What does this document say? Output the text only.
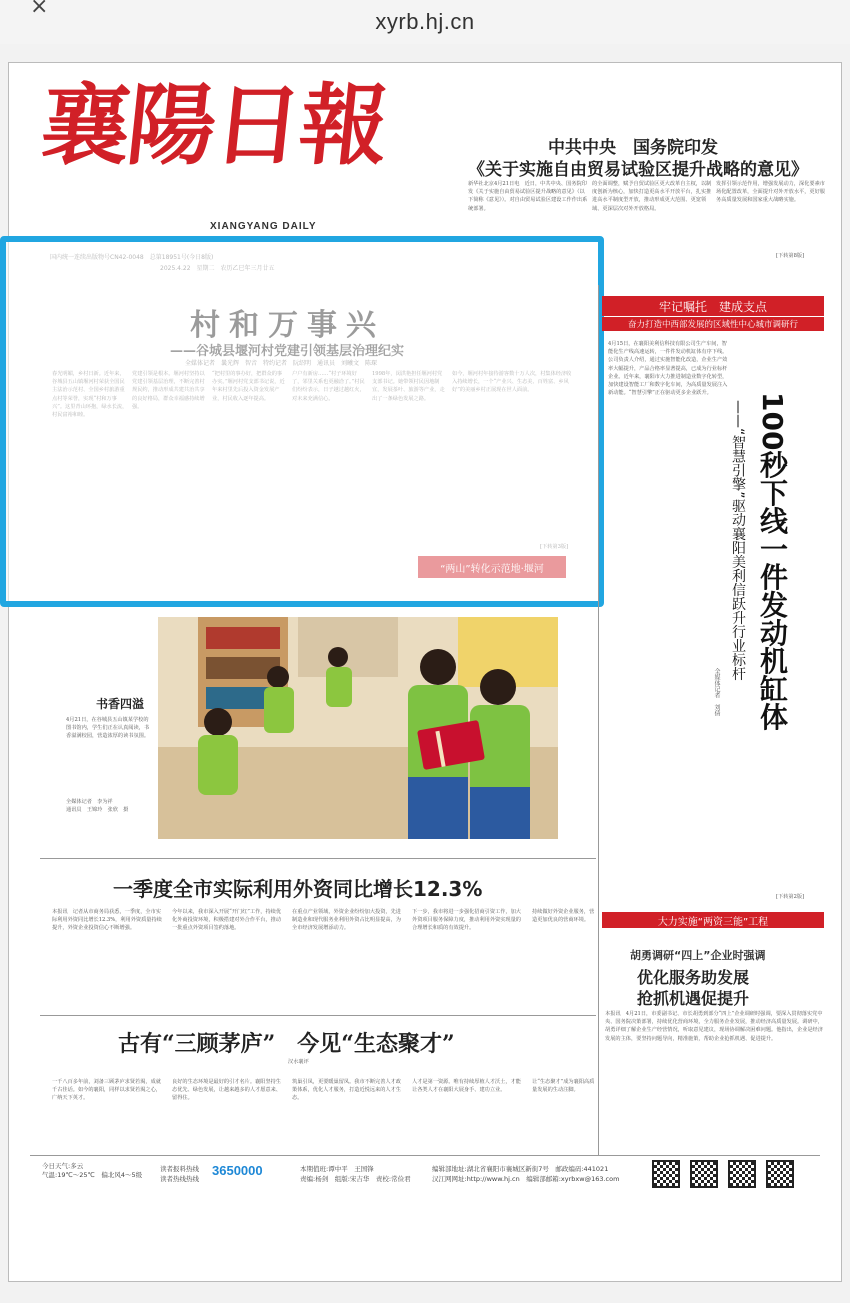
×
xyrb.hj.cn
襄陽日報
XIANGYANG DAILY
中共中央　国务院印发
《关于实施自由贸易试验区提升战略的意见》
新华社北京4月21日电　近日，中共中央、国务院印发《关于实施自由贸易试验区提升战略的意见》（以下简称《意见》）。对自由贸易试验区建设工作作出系统部署。
的全面调整，赋予自贸试验区更大改革自主权，以制度创新为核心，加快打造更高水平开放平台，扎实推进高水平制度型开放，推动形成更大范围、更宽领域、更深层次对外开放格局。
发挥引领示范作用，增强发展动力，深化要素市场化配置改革，全面提升对外开放水平，更好服务高质量发展和国家重大战略实施。
[下转第8版]
牢记嘱托　建成支点
奋力打造中西部发展的区域性中心城市调研行
4月15日，在襄阳美利信科技有限公司生产车间，智能化生产线高速运转，一件件发动机缸体有序下线。公司负责人介绍，通过实施智能化改造，企业生产效率大幅提升，产品合格率显著提高，已成为行业标杆企业。近年来，襄阳市大力推进制造业数字化转型，加快建设智能工厂和数字化车间，为高质量发展注入新动能。“智慧引擎”正在驱动更多企业跃升。	100秒下线一件发动机缸体
——“智慧引擎”驱动襄阳美利信跃升行业标杆
全媒体记者　刘倩
[下转第2版]
大力实施“两资三能”工程
胡勇调研“四上”企业时强调
优化服务助发展
抢抓机遇促提升
本报讯　4月21日，市委副书记、市长胡勇到部分“四上”企业调研时强调，要深入贯彻落实党中央、国务院决策部署，持续优化营商环境，全力服务企业发展，推动经济高质量发展。调研中，胡勇详细了解企业生产经营情况，听取意见建议，现场协调解决困难问题。他指出，企业是经济发展的主体，要坚持问题导向，精准施策，帮助企业抢抓机遇、促进提升。
书香四溢
4月21日，在谷城县五山镇某学校的图书馆内，学生们正在认真阅读，书香溢满校园，营造浓厚的读书氛围。
全媒体记者　李为祥
通讯员　王锦玲　张欣　摄
一季度全市实际利用外资同比增长12.3%
本报讯　记者从市商务局获悉，一季度，全市实际利用外资同比增长12.3%，利用外资质量持续提升，外资企业投资信心不断增强。
今年以来，我市深入开展“开门红”工作，持续优化外商投资环境，积极搭建对外合作平台，推动一批重点外资项目签约落地。
在重点产业领域，外资企业纷纷加大投资，先进制造业和现代服务业利用外资占比明显提高，为全市经济发展增添动力。
下一步，我市将进一步强化招商引资工作，加大外资项目服务保障力度，推动利用外资实现量的合理增长和质的有效提升。
持续做好外资企业服务，营造更加优良的营商环境。
古有“三顾茅庐”　今见“生态聚才”
汉水襄评
一千八百多年前，刘备三顾茅庐求贤若渴，成就千古佳话。如今的襄阳，同样以求贤若渴之心，广纳天下英才。
良好的生态环境是最好的引才名片。襄阳坚持生态优先、绿色发展，让越来越多的人才愿意来、留得住。
筑巢引凤，更要暖巢留凤。我市不断完善人才政策体系，优化人才服务，打造近悦远来的人才生态。
人才是第一资源。唯有持续厚植人才沃土，才能让各类人才在襄阳大展身手、建功立业。
让“生态聚才”成为襄阳高质量发展的生动注脚。
今日天气:多云
气温:19℃～25℃　偏北风4～5级
读者报料热线
读者热线热线
3650000	本期值班:谭中平　王国锋
责编:杨剑　组版:宋吉华　责校:常俭君
编辑部地址:湖北省襄阳市襄城区新街7号　 邮政编码:441021
汉江网网址:http://www.hj.cn　 编辑部邮箱:xyrbxw@163.com
